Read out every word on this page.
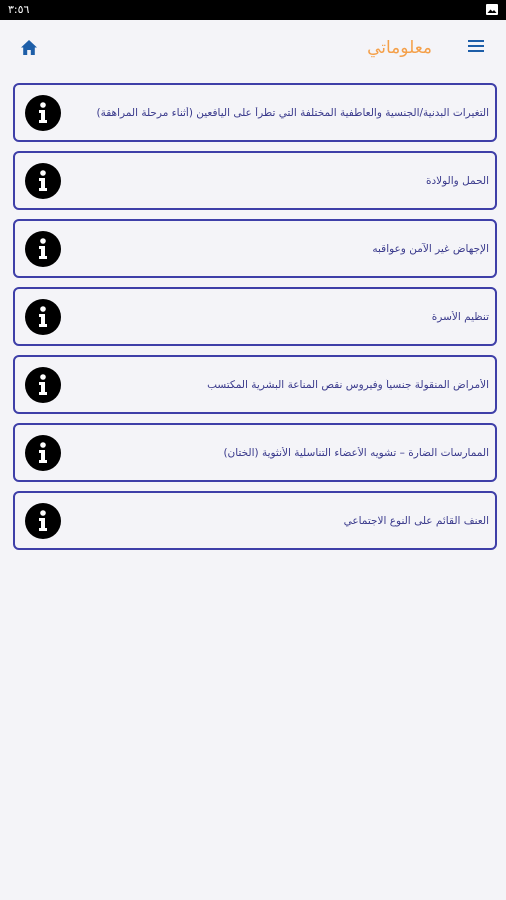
٣:٥٦
معلوماتي
التغيرات البدنية/الجنسية والعاطفية المختلفة التي تطرأ على اليافعين (أثناء مرحلة المراهقة)
الحمل والولادة
الإجهاض غير الآمن وعواقبه
تنظيم الأسرة
الأمراض المنقولة جنسياً وفيروس نقص المناعة البشرية المكتسب
الممارسات الضارة – تشويه الأعضاء التناسلية الأنثوية (الختان)
العنف القائم على النوع الاجتماعي
